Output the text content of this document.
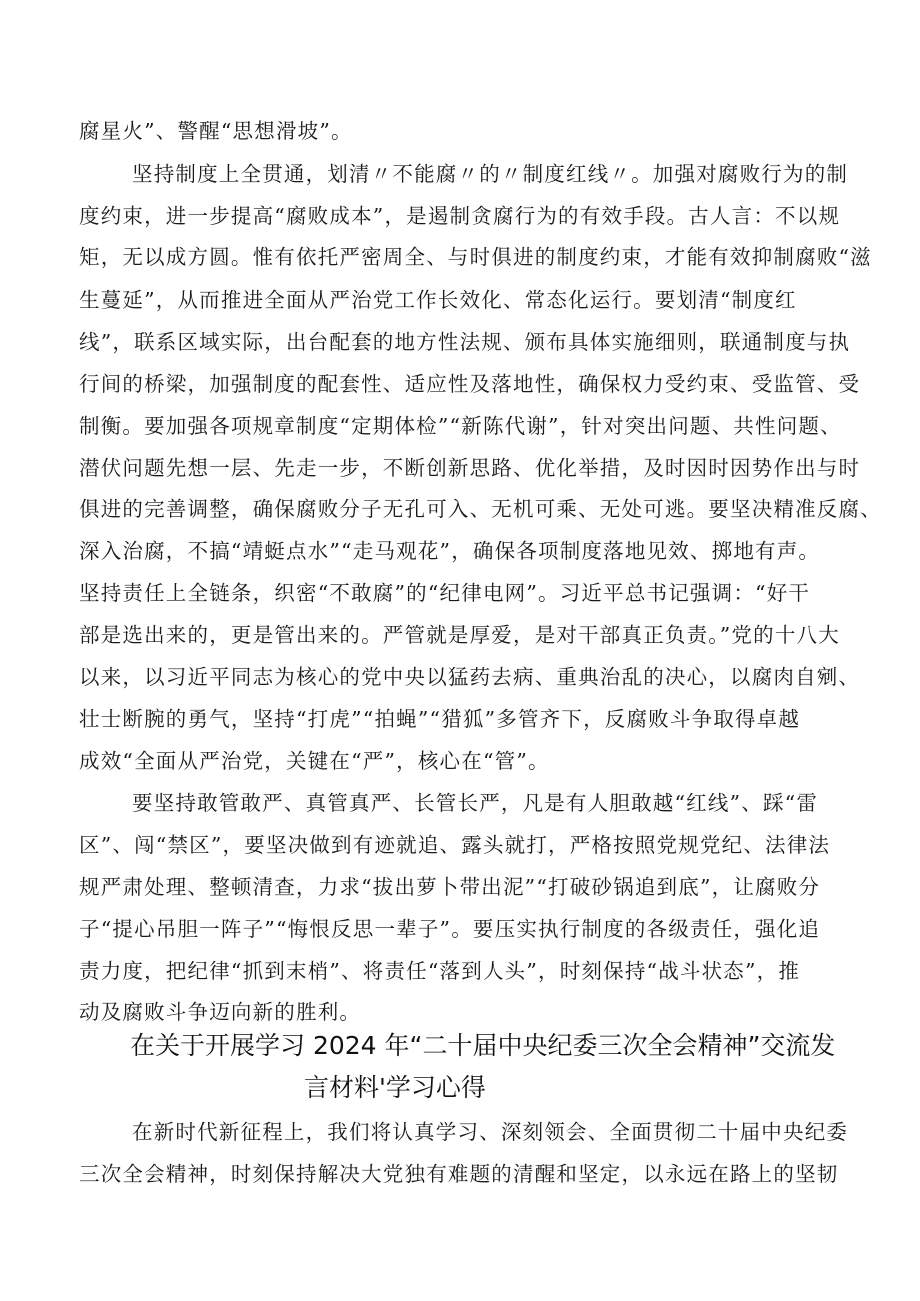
腐星火”、警醒“思想滑坡”。
坚持制度上全贯通，划清〃不能腐〃的〃制度红线〃。加强对腐败行为的制
度约束，进一步提高“腐败成本”，是遏制贪腐行为的有效手段。古人言：不以规
矩，无以成方圆。惟有依托严密周全、与时俱进的制度约束，才能有效抑制腐败“滋
生蔓延”，从而推进全面从严治党工作长效化、常态化运行。要划清“制度红
线”，联系区域实际，出台配套的地方性法规、颁布具体实施细则，联通制度与执
行间的桥梁，加强制度的配套性、适应性及落地性，确保权力受约束、受监管、受
制衡。要加强各项规章制度“定期体检”“新陈代谢”，针对突出问题、共性问题、
潜伏问题先想一层、先走一步，不断创新思路、优化举措，及时因时因势作出与时
俱进的完善调整，确保腐败分子无孔可入、无机可乘、无处可逃。要坚决精准反腐、
深入治腐，不搞“靖蜓点水”“走马观花”，确保各项制度落地见效、掷地有声。
坚持责任上全链条，织密“不敢腐”的“纪律电网”。习近平总书记强调：“好干
部是选出来的，更是管出来的。严管就是厚爱，是对干部真正负责。”党的十八大
以来，以习近平同志为核心的党中央以猛药去病、重典治乱的决心，以腐肉自剜、
壮士断腕的勇气，坚持“打虎”“拍蝇”“猎狐”多管齐下，反腐败斗争取得卓越
成效“全面从严治党，关键在“严”，核心在“管”。
要坚持敢管敢严、真管真严、长管长严，凡是有人胆敢越“红线”、踩“雷
区”、闯“禁区”，要坚决做到有迹就追、露头就打，严格按照党规党纪、法律法
规严肃处理、整顿清查，力求“拔出萝卜带出泥”“打破砂锅追到底”，让腐败分
子“提心吊胆一阵子”“悔恨反思一辈子”。要压实执行制度的各级责任，强化追
责力度，把纪律“抓到末梢”、将责任“落到人头”，时刻保持“战斗状态”，推
动及腐败斗争迈向新的胜利。
在关于开展学习 2024 年“二十届中央纪委三次全会精神”交流发
言材料'学习心得
在新时代新征程上，我们将认真学习、深刻领会、全面贯彻二十届中央纪委
三次全会精神，时刻保持解决大党独有难题的清醒和坚定，以永远在路上的坚韧
